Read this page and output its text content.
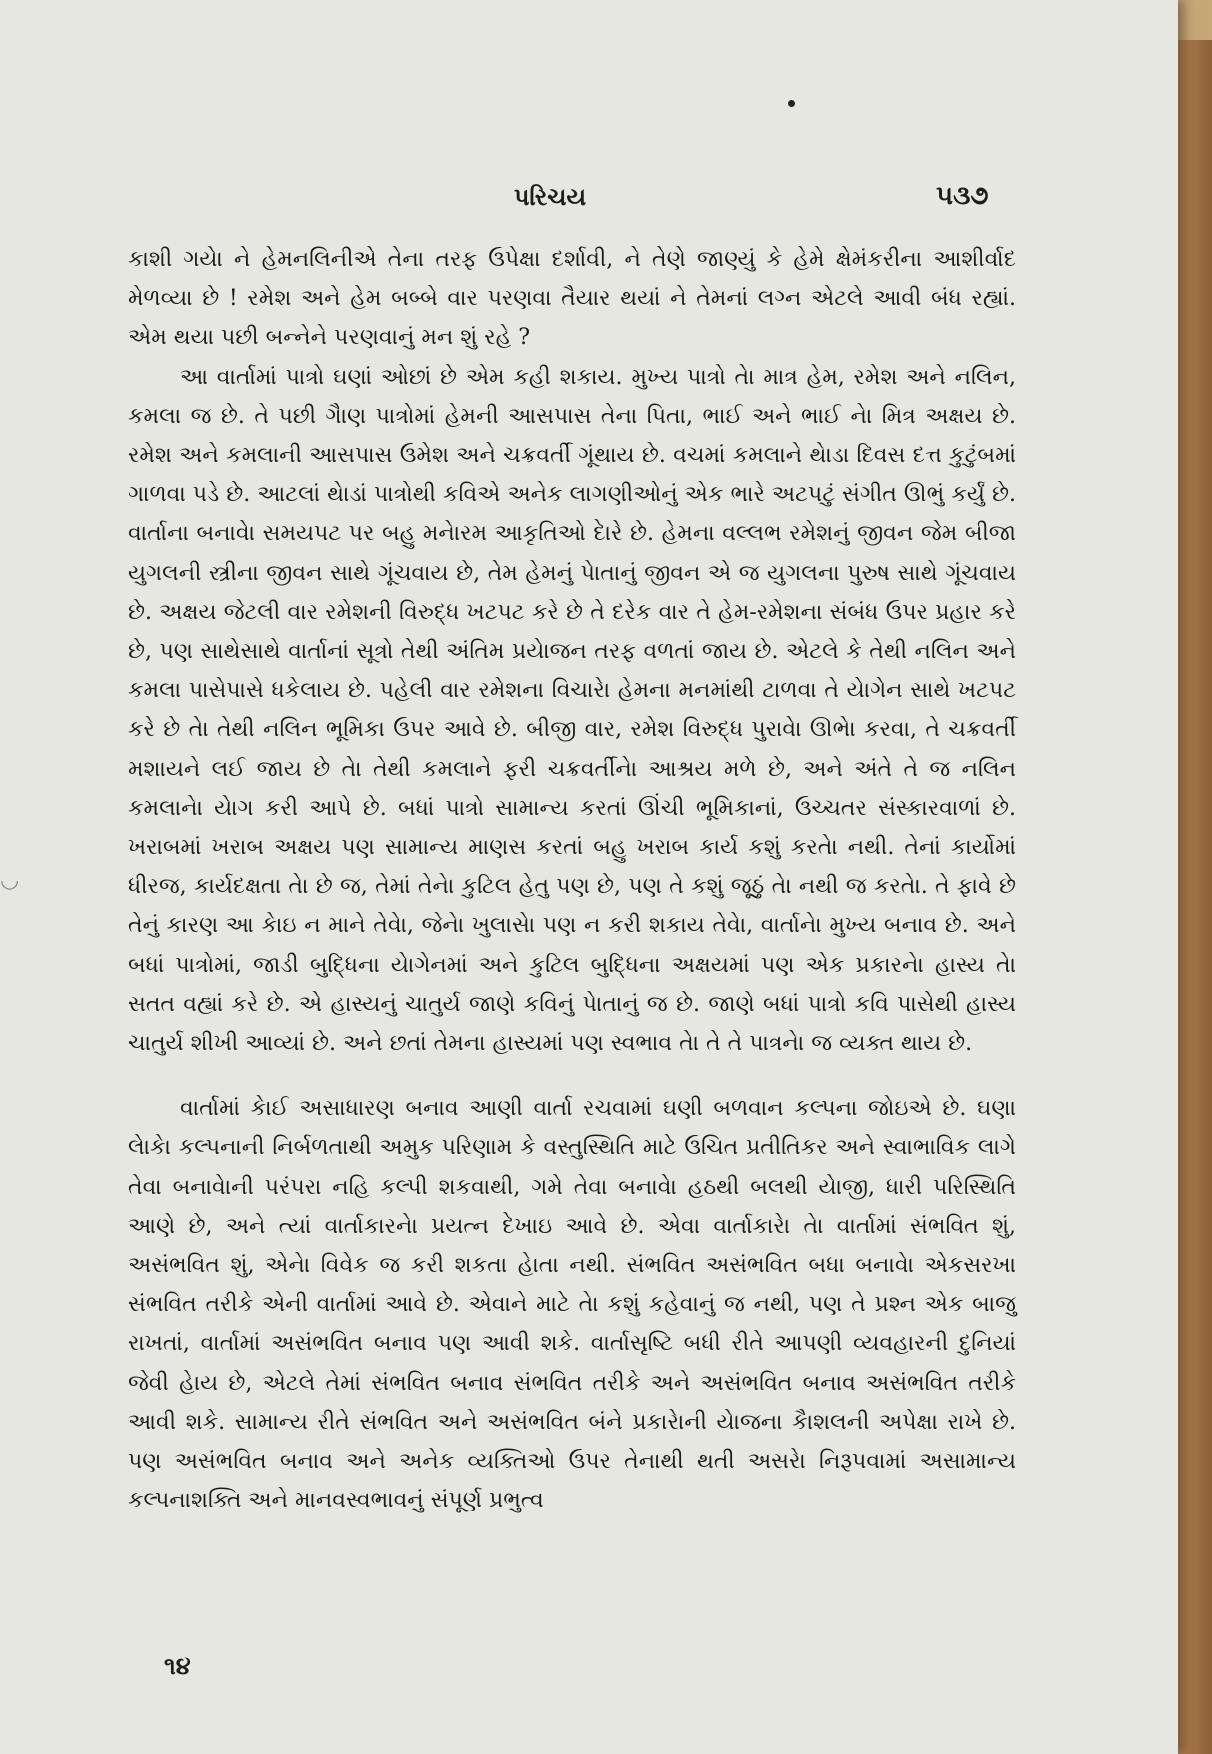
◡
પરિચય	૫૩૭

કાશી ગયેા ને હેમનલિનીએ તેના તરફ ઉપેક્ષા દર્શાવી, ને તેણે જાણ્યું કે હેમે ક્ષેમંકરીના આશીર્વાદ મેળવ્યા છે ! રમેશ અને હેમ બબ્બે વાર પરણવા તૈયાર થયાં ને તેમનાં લગ્ન એટલે આવી બંધ રહ્યાં. એમ થયા પછી બન્નેને પરણવાનું મન શું રહે ?

આ વાર્તામાં પાત્રો ઘણાં ઓછાં છે એમ કહી શકાય. મુખ્ય પાત્રો તેા માત્ર હેમ, રમેશ અને નલિન, કમલા જ છે. તે પછી ગૈાણ પાત્રોમાં હેમની આસપાસ તેના પિતા, ભાઈ અને ભાઈ નેા મિત્ર અક્ષય છે. રમેશ અને કમલાની આસપાસ ઉમેશ અને ચક્રવર્તી ગૂંથાય છે. વચમાં કમલાને થેાડા દિવસ દત્ત કુટુંબમાં ગાળવા પડે છે. આટલાં થેાડાં પાત્રોથી કવિએ અનેક લાગણીઓનું એક ભારે અટપટું સંગીત ઊભું કર્યું છે. વાર્તાના બનાવેા સમયપટ પર બહુ મનેારમ આકૃતિઓ દેારે છે. હેમના વલ્લભ રમેશનું જીવન જેમ બીજા યુગલની સ્ત્રીના જીવન સાથે ગૂંચવાય છે, તેમ હેમનું પેાતાનું જીવન એ જ યુગલના પુરુષ સાથે ગૂંચવાય છે. અક્ષય જેટલી વાર રમેશની વિરુદ્ધ ખટપટ કરે છે તે દરેક વાર તે હેમ-રમેશના સંબંધ ઉપર પ્રહાર કરે છે, પણ સાથેસાથે વાર્તાનાં સૂત્રો તેથી અંતિમ પ્રયેાજન તરફ વળતાં જાય છે. એટલે કે તેથી નલિન અને કમલા પાસેપાસે ધકેલાય છે. પહેલી વાર રમેશના વિચારેા હેમના મનમાંથી ટાળવા તે યેાગેન સાથે ખટપટ કરે છે તેા તેથી નલિન ભૂમિકા ઉપર આવે છે. બીજી વાર, રમેશ વિરુદ્ધ પુરાવેા ઊભેા કરવા, તે ચક્રવર્તી મશાયને લઈ જાય છે તેા તેથી કમલાને ફરી ચક્રવર્તીનેા આશ્રય મળે છે, અને અંતે તે જ નલિન કમલાનેા યેાગ કરી આપે છે. બધાં પાત્રો સામાન્ય કરતાં ઊંચી ભૂમિકાનાં, ઉચ્ચતર સંસ્કારવાળાં છે. ખરાબમાં ખરાબ અક્ષય પણ સામાન્ય માણસ કરતાં બહુ ખરાબ કાર્ય કશું કરતેા નથી. તેનાં કાર્યોમાં ધીરજ, કાર્યદક્ષતા તેા છે જ, તેમાં તેનેા કુટિલ હેતુ પણ છે, પણ તે કશું જૂઠું તેા નથી જ કરતેા. તે ફાવે છે તેનું કારણ આ કેાઇ ન માને તેવેા, જેનેા ખુલાસેા પણ ન કરી શકાય તેવેા, વાર્તાનેા મુખ્ય બનાવ છે. અને બધાં પાત્રોમાં, જાડી બુદ્ધિના યેાગેનમાં અને કુટિલ બુદ્ધિના અક્ષયમાં પણ એક પ્રકારનેા હાસ્ય તેા સતત વહ્યાં કરે છે. એ હાસ્યનું ચાતુર્ય જાણે કવિનું પેાતાનું જ છે. જાણે બધાં પાત્રો કવિ પાસેથી હાસ્ય ચાતુર્ય શીખી આવ્યાં છે. અને છતાં તેમના હાસ્યમાં પણ સ્વભાવ તેા તે તે પાત્રનેા જ વ્યક્ત થાય છે.

વાર્તામાં કેાઈ અસાધારણ બનાવ આણી વાર્તા રચવામાં ઘણી બળવાન કલ્પના જોઇએ છે. ઘણા લેાકેા કલ્પનાની નિર્બળતાથી અમુક પરિણામ કે વસ્તુસ્થિતિ માટે ઉચિત પ્રતીતિકર અને સ્વાભાવિક લાગે તેવા બનાવેાની પરંપરા નહિ કલ્પી શકવાથી, ગમે તેવા બનાવેા હઠથી બલથી યેાજી, ધારી પરિસ્થિતિ આણે છે, અને ત્યાં વાર્તાકારનેા પ્રયત્ન દેખાઇ આવે છે. એવા વાર્તાકારેા તેા વાર્તામાં સંભવિત શું, અસંભવિત શું, એનેા વિવેક જ કરી શકતા હેાતા નથી. સંભવિત અસંભવિત બધા બનાવેા એકસરખા સંભવિત તરીકે એની વાર્તામાં આવે છે. એવાને માટે તેા કશું કહેવાનું જ નથી, પણ તે પ્રશ્ન એક બાજુ રાખતાં, વાર્તામાં અસંભવિત બનાવ પણ આવી શકે. વાર્તાસૃષ્ટિ બધી રીતે આપણી વ્યવહારની દુનિયાં જેવી હેાય છે, એટલે તેમાં સંભવિત બનાવ સંભવિત તરીકે અને અસંભવિત બનાવ અસંભવિત તરીકે આવી શકે. સામાન્ય રીતે સંભવિત અને અસંભવિત બંને પ્રકારેાની યેાજના કૈાશલની અપેક્ષા રાખે છે. પણ અસંભવિત બનાવ અને અનેક વ્યક્તિઓ ઉપર તેનાથી થતી અસરેા નિરૂપવામાં અસામાન્ય કલ્પનાશક્તિ અને માનવસ્વભાવનું સંપૂર્ણ પ્રભુત્વ

૧૪
